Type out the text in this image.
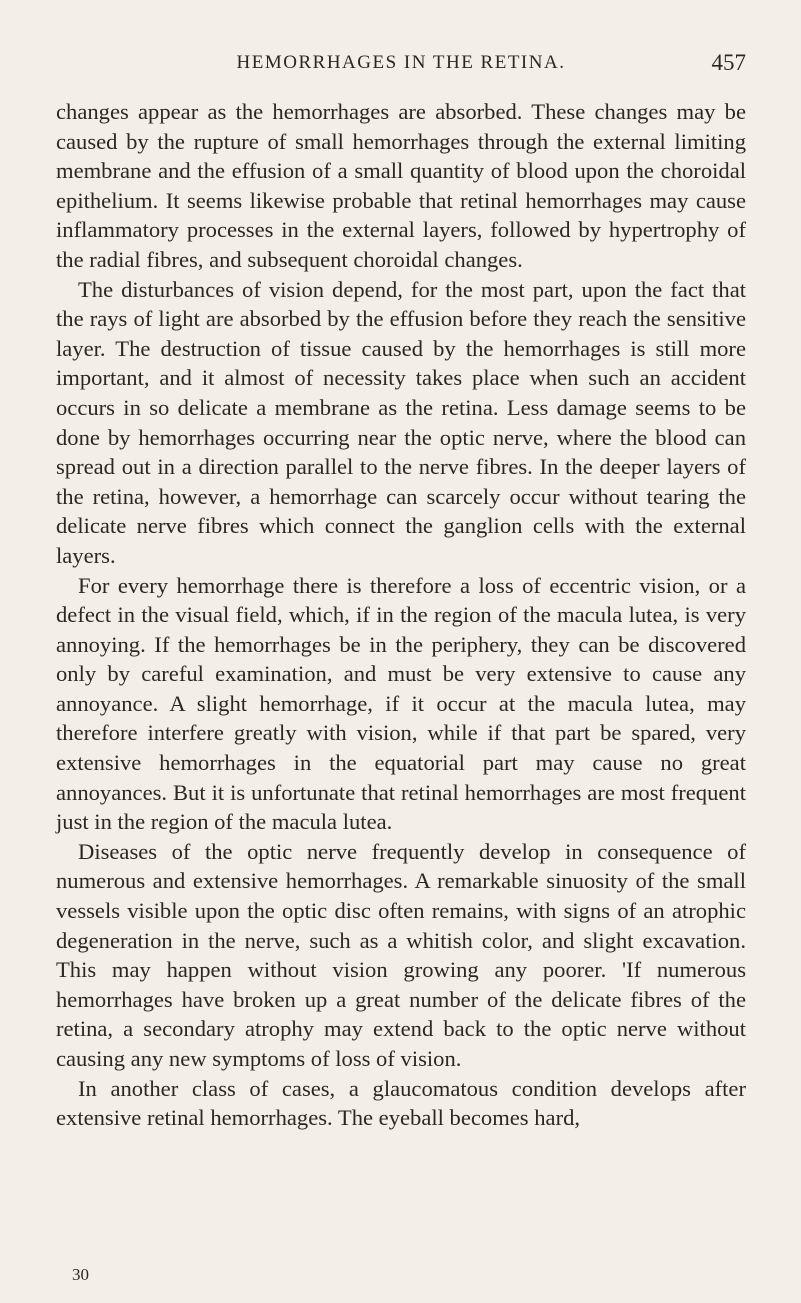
HEMORRHAGES IN THE RETINA.	457

changes appear as the hemorrhages are absorbed. These changes may be caused by the rupture of small hemorrhages through the external limiting membrane and the effusion of a small quantity of blood upon the choroidal epithelium. It seems likewise probable that retinal hemorrhages may cause inflammatory processes in the external layers, followed by hypertrophy of the radial fibres, and subsequent choroidal changes.

The disturbances of vision depend, for the most part, upon the fact that the rays of light are absorbed by the effusion before they reach the sensitive layer. The destruction of tissue caused by the hemorrhages is still more important, and it almost of necessity takes place when such an accident occurs in so delicate a membrane as the retina. Less damage seems to be done by hemorrhages occurring near the optic nerve, where the blood can spread out in a direction parallel to the nerve fibres. In the deeper layers of the retina, however, a hemorrhage can scarcely occur without tearing the delicate nerve fibres which connect the ganglion cells with the external layers.

For every hemorrhage there is therefore a loss of eccentric vision, or a defect in the visual field, which, if in the region of the macula lutea, is very annoying. If the hemorrhages be in the periphery, they can be discovered only by careful examination, and must be very extensive to cause any annoyance. A slight hemorrhage, if it occur at the macula lutea, may therefore interfere greatly with vision, while if that part be spared, very extensive hemorrhages in the equatorial part may cause no great annoyances. But it is unfortunate that retinal hemorrhages are most frequent just in the region of the macula lutea.

Diseases of the optic nerve frequently develop in consequence of numerous and extensive hemorrhages. A remarkable sinuosity of the small vessels visible upon the optic disc often remains, with signs of an atrophic degeneration in the nerve, such as a whitish color, and slight excavation. This may happen without vision growing any poorer. 'If numerous hemorrhages have broken up a great number of the delicate fibres of the retina, a secondary atrophy may extend back to the optic nerve without causing any new symptoms of loss of vision.

In another class of cases, a glaucomatous condition develops after extensive retinal hemorrhages. The eyeball becomes hard,

30
